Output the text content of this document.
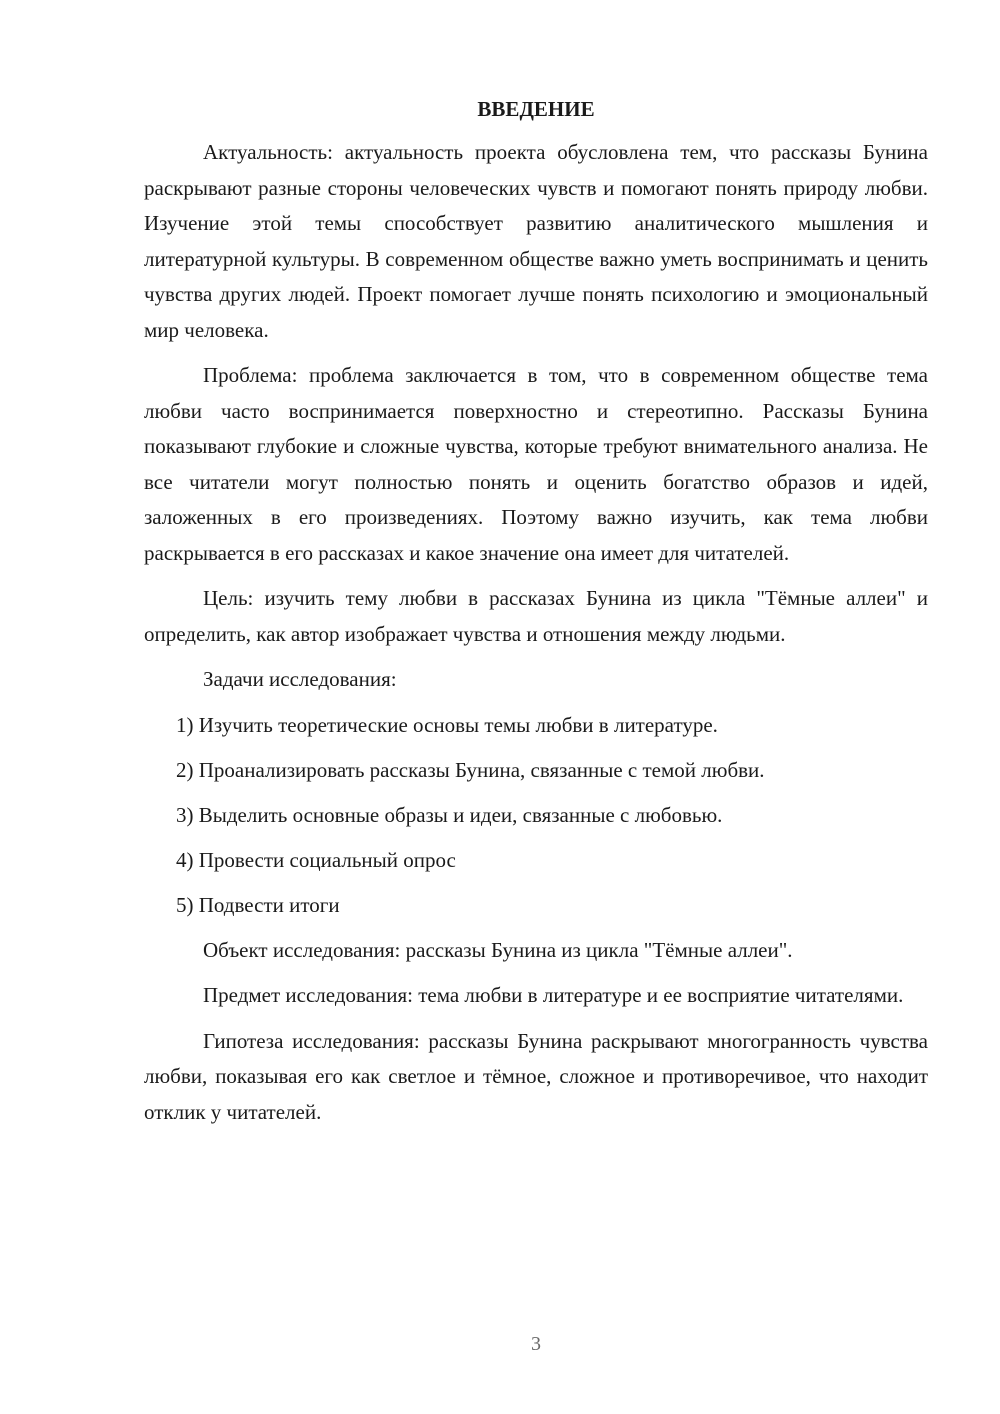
ВВЕДЕНИЕ

Актуальность: актуальность проекта обусловлена тем, что рассказы Бунина раскрывают разные стороны человеческих чувств и помогают понять природу любви. Изучение этой темы способствует развитию аналитического мышления и литературной культуры. В современном обществе важно уметь воспринимать и ценить чувства других людей. Проект помогает лучше понять психологию и эмоциональный мир человека.

Проблема: проблема заключается в том, что в современном обществе тема любви часто воспринимается поверхностно и стереотипно. Рассказы Бунина показывают глубокие и сложные чувства, которые требуют внимательного анализа. Не все читатели могут полностью понять и оценить богатство образов и идей, заложенных в его произведениях. Поэтому важно изучить, как тема любви раскрывается в его рассказах и какое значение она имеет для читателей.

Цель: изучить тему любви в рассказах Бунина из цикла "Тёмные аллеи" и определить, как автор изображает чувства и отношения между людьми.

Задачи исследования:

1) Изучить теоретические основы темы любви в литературе.
2) Проанализировать рассказы Бунина, связанные с темой любви.
3) Выделить основные образы и идеи, связанные с любовью.
4) Провести социальный опрос
5) Подвести итоги

Объект исследования: рассказы Бунина из цикла "Тёмные аллеи".

Предмет исследования: тема любви в литературе и ее восприятие читателями.

Гипотеза исследования: рассказы Бунина раскрывают многогранность чувства любви, показывая его как светлое и тёмное, сложное и противоречивое, что находит отклик у читателей.

3
